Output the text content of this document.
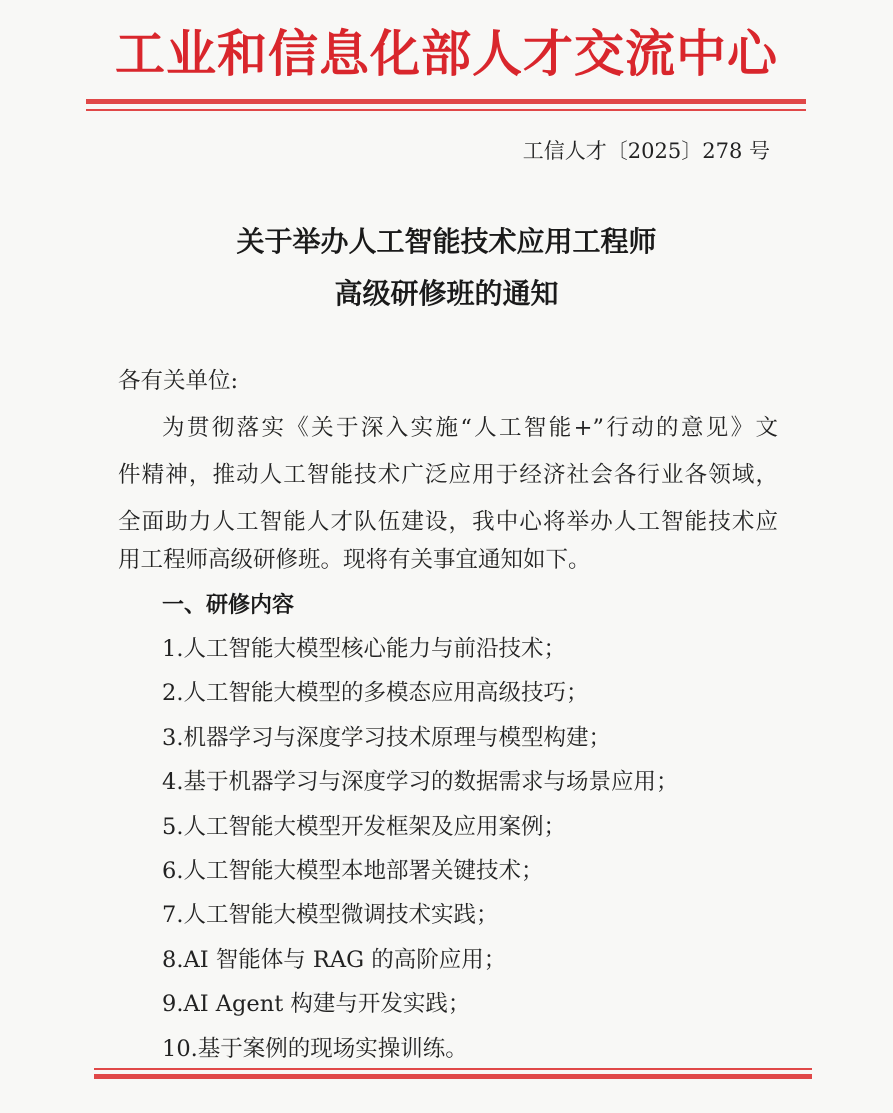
工业和信息化部人才交流中心
工信人才〔2025〕278 号
关于举办人工智能技术应用工程师
高级研修班的通知
各有关单位:
为贯彻落实《关于深入实施“人工智能+”行动的意见》文
件精神，推动人工智能技术广泛应用于经济社会各行业各领域，
全面助力人工智能人才队伍建设，我中心将举办人工智能技术应
用工程师高级研修班。现将有关事宜通知如下。
一、研修内容
1.人工智能大模型核心能力与前沿技术；
2.人工智能大模型的多模态应用高级技巧；
3.机器学习与深度学习技术原理与模型构建；
4.基于机器学习与深度学习的数据需求与场景应用；
5.人工智能大模型开发框架及应用案例；
6.人工智能大模型本地部署关键技术；
7.人工智能大模型微调技术实践；
8.AI 智能体与 RAG 的高阶应用；
9.AI Agent 构建与开发实践；
10.基于案例的现场实操训练。
